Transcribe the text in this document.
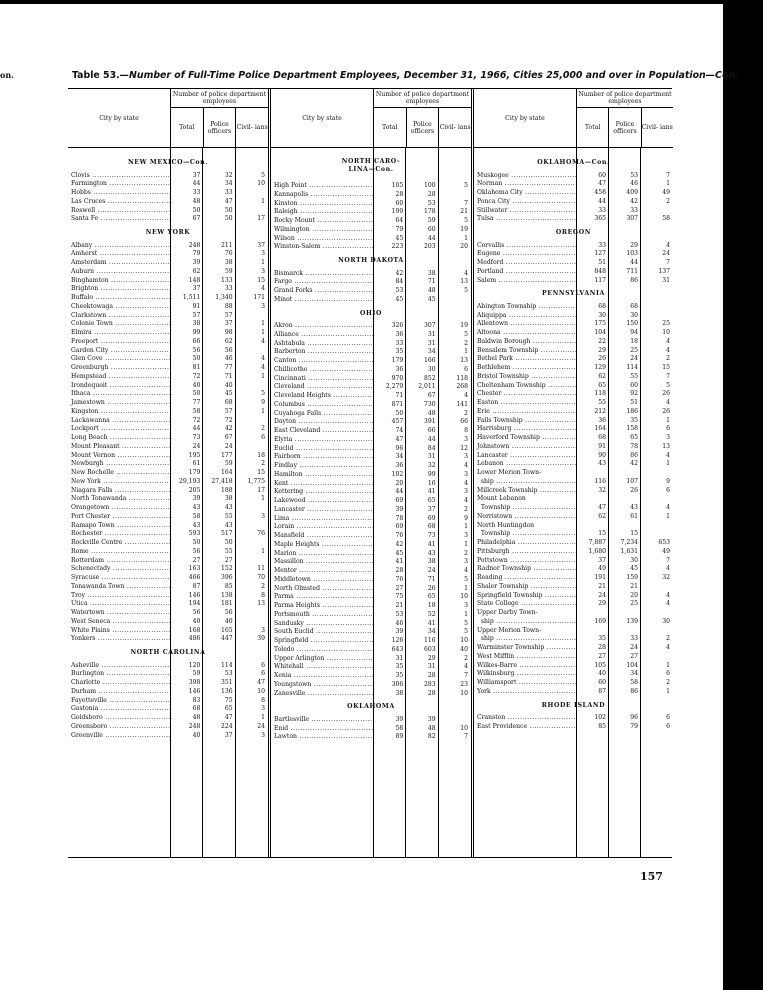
on.	Table 53.—Number of Full-Time Police Department Employees, December 31, 1966, Cities 25,000 and over in Population—Con.
City by state
Number of police department employees
Total	Police officers Civil- ians
NEW MEXICO—Con.
Clovis .....	37	32	5
Farmington .....	44	34	10
Hobbs .....	33	33
Las Cruces .....	48	47	1
Roswell .....	50	50
Santa Fe .....	67	50	17
NEW YORK
Albany .....	248	211	37
Amherst .....	79	76	3
Amsterdam .....	39	38	1
Auburn .....	62	59	3
Binghamton .....	148	133	15
Brighton .....	37	33	4
Buffalo .....	1,511	1,340	171
Cheektowaga .....	91	88	3
Clarkstown .....	57	57
Colonie Town .....	38	37	1
Elmira .....	99	98	1
Freeport .....	66	62	4
Garden City .....	56	56
Glen Cove .....	50	46	4
Greenburgh .....	81	77	4
Hempstead .....	72	71	1
Irondequoit .....	40	40
Ithaca .....	50	45	5
Jamestown .....	77	68	9
Kingston .....	58	57	1
Lackawanna .....	72	72
Lockport .....	44	42	2
Long Beach .....	73	67	6
Mount Pleasant .....	24	24
Mount Vernon .....	195	177	18
Newburgh .....	61	59	2
New Rochelle .....	179	164	15
New York .....	29,193	27,418	1,775
Niagara Falls .....	205	188	17
North Tonawanda .....	39	38	1
Orangetown .....	43	43
Port Chester .....	58	55	3
Ramapo Town .....	43	43
Rochester .....	593	517	76
Rockville Centre .....	50	50
Rome .....	56	55	1
Rotterdam .....	27	27
Schenectady .....	163	152	11
Syracuse .....	466	396	70
Tonawanda Town .....	87	85	2
Troy .....	146	138	8
Utica .....	194	181	13
Watertown .....	56	56
West Seneca .....	40	40
White Plains .....	168	165	3
Yonkers .....	486	447	39
NORTH CAROLINA
Asheville .....	120	114	6
Burlington .....	59	53	6
Charlotte .....	398	351	47
Durham .....	146	136	10
Fayetteville .....	83	75	8
Gastonia .....	68	65	3
Goldsboro .....	48	47	1
Greensboro .....	248	224	24
Greenville .....	40	37	3
City by state
Number of police department employees
Total	Police officers Civil- ians
NORTH CARO-
LINA—Con.
High Point .....	105	100	5
Kannapolis .....	28	28
Kinston .....	60	53	7
Raleigh .....	199	178	21
Rocky Mount .....	64	59	5
Wilmington .....	79	60	19
Wilson .....	45	44	1
Winston-Salem .....	223	203	20
NORTH DAKOTA
Bismarck .....	42	38	4
Fargo .....	84	71	13
Grand Forks .....	53	48	5
Minot .....	45	45
OHIO
Akron .....	326	307	19
Alliance .....	36	31	5
Ashtabula .....	33	31	2
Barberton .....	35	34	1
Canton .....	179	166	13
Chillicothe .....	36	30	6
Cincinnati .....	970	852	118
Cleveland .....	2,279	2,011	268
Cleveland Heights .....	71	67	4
Columbus .....	871	730	141
Cuyahoga Falls .....	50	48	2
Dayton .....	457	391	66
East Cleveland .....	74	66	8
Elyria .....	47	44	3
Euclid .....	96	84	12
Fairborn .....	34	31	3
Findlay .....	36	32	4
Hamilton .....	102	99	3
Kent .....	20	16	4
Kettering .....	44	41	3
Lakewood .....	69	65	4
Lancaster .....	39	37	2
Lima .....	78	69	9
Lorain .....	69	68	1
Mansfield .....	76	73	3
Maple Heights .....	42	41	1
Marion .....	45	43	2
Massillon .....	41	38	3
Mentor .....	28	24	4
Middletown .....	76	71	5
North Olmsted .....	27	26	1
Parma .....	75	65	10
Parma Heights .....	21	18	3
Portsmouth .....	53	52	1
Sandusky .....	46	41	5
South Euclid .....	39	34	5
Springfield .....	126	116	10
Toledo .....	643	603	40
Upper Arlington .....	31	29	2
Whitehall .....	35	31	4
Xenia .....	35	28	7
Youngstown .....	306	283	23
Zanesville .....	38	28	10
OKLAHOMA
Bartlesville .....	39	39
Enid .....	58	48	10
Lawton .....	89	82	7
City by state
Number of police department employees
Total	Police officers Civil- ians
OKLAHOMA—Con.
Muskogee .....	60	53	7
Norman .....	47	46	1
Oklahoma City .....	458	409	49
Ponca City .....	44	42	2
Stillwater .....	33	33
Tulsa .....	365	307	58
OREGON
Corvallis .....	33	29	4
Eugene .....	127	103	24
Medford .....	51	44	7
Portland .....	848	711	137
Salem .....	117	86	31
PENNSYLVANIA
Abington Township .....	68	68
Aliquippa .....	30	30
Allentown .....	175	150	25
Altoona .....	104	94	10
Baldwin Borough .....	22	18	4
Bensalem Township .....	29	25	4
Bethel Park .....	26	24	2
Bethlehem .....	129	114	15
Bristol Township .....	62	55	7
Cheltenham Township .....	65	60	5
Chester .....	118	92	26
Easton .....	55	51	4
Erie .....	212	186	26
Falls Township .....	36	35	1
Harrisburg .....	164	158	6
Haverford Township .....	68	65	3
Johnstown .....	91	78	13
Lancaster .....	90	86	4
Lebanon .....	43	42	1
Lower Merion Town-
ship .....	116	107	9
Millcreek Township .....	32	26	6
Mount Lebanon
Township .....	47	43	4
Norristown .....	62	61	1
North Huntingdon
Township .....	15	15
Philadelphia .....	7,887	7,234	653
Pittsburgh .....	1,680	1,631	49
Pottstown .....	37	30	7
Radnor Township .....	49	45	4
Reading .....	191	159	32
Shaler Township .....	21	21
Springfield Township .....	24	20	4
State College .....	29	25	4
Upper Darby Town-
ship .....	169	139	30
Upper Merion Town-
ship .....	35	33	2
Warminster Township .....	28	24	4
West Mifflin .....	27	27
Wilkes-Barre .....	105	104	1
Wilkinsburg .....	40	34	6
Williamsport .....	60	58	2
York .....	87	86	1
RHODE ISLAND
Cranston .....	102	96	6
East Providence .....	85	79	6
157
